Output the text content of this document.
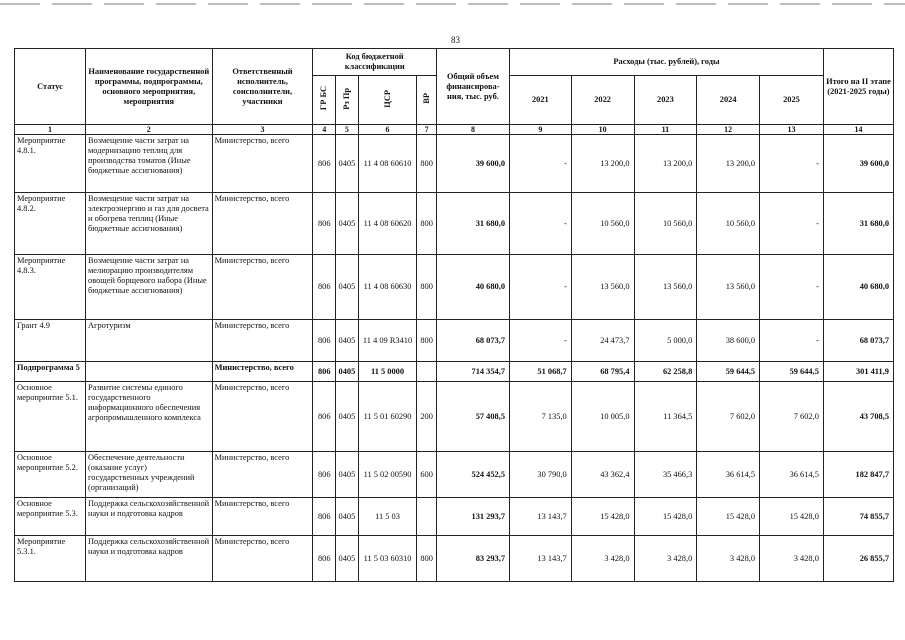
83
Статус	Наименование государственной программы, подпрограммы, основного мероприятия, мероприятия	Ответственный исполнитель, соисполнители, участники	Код бюджетной классификации				Общий объем финансирова-ния, тыс. руб.	Расходы (тыс. рублей), годы					Итого на II этапе (2021-2025 годы)
			ГР БС	Рз Пр	ЦСР	ВР		2021	2022	2023	2024	2025	
1	2	3	4	5	6	7	8	9	10	11	12	13	14
Мероприятие 4.8.1.	Возмещение части затрат на модернизацию теплиц для производства томатов (Иные бюджетные ассигнования)	Министерство, всего	806	0405	11 4 08 60610	800	39 600,0	-	13 200,0	13 200,0	13 200,0	-	39 600,0
Мероприятие 4.8.2.	Возмещение части затрат на электроэнергию и газ для досвета и обогрева теплиц (Иные бюджетные ассигнования)	Министерство, всего	806	0405	11 4 08 60620	800	31 680,0	-	10 560,0	10 560,0	10 560,0	-	31 680,0
Мероприятие 4.8.3.	Возмещение части затрат на мелиорацию производителям овощей борщевого набора (Иные бюджетные ассигнования)	Министерство, всего	806	0405	11 4 08 60630	800	40 680,0	-	13 560,0	13 560,0	13 560,0	-	40 680,0
Грант 4.9	Агротуризм	Министерство, всего	806	0405	11 4 09 R3410	800	68 073,7	-	24 473,7	5 000,0	38 600,0	-	68 073,7
Подпрограмма 5		Министерство, всего	806	0405	11 5 0000		714 354,7	51 068,7	68 795,4	62 258,8	59 644,5	59 644,5	301 411,9
Основное мероприятие 5.1.	Развитие системы единого государственного информационного обеспечения агропромышленного комплекса	Министерство, всего	806	0405	11 5 01 60290	200	57 408,5	7 135,0	10 005,0	11 364,5	7 602,0	7 602,0	43 708,5
Основное мероприятие 5.2.	Обеспечение деятельности (оказание услуг) государственных учреждений (организаций)	Министерство, всего	806	0405	11 5 02 00590	600	524 452,5	30 790,0	43 362,4	35 466,3	36 614,5	36 614,5	182 847,7
Основное мероприятие 5.3.	Поддержка сельскохозяйственной науки и подготовка кадров	Министерство, всего	806	0405	11 5 03		131 293,7	13 143,7	15 428,0	15 428,0	15 428,0	15 428,0	74 855,7
Мероприятие 5.3.1.	Поддержка сельскохозяйственной науки и подготовка кадров	Министерство, всего	806	0405	11 5 03 60310	800	83 293,7	13 143,7	3 428,0	3 428,0	3 428,0	3 428,0	26 855,7
